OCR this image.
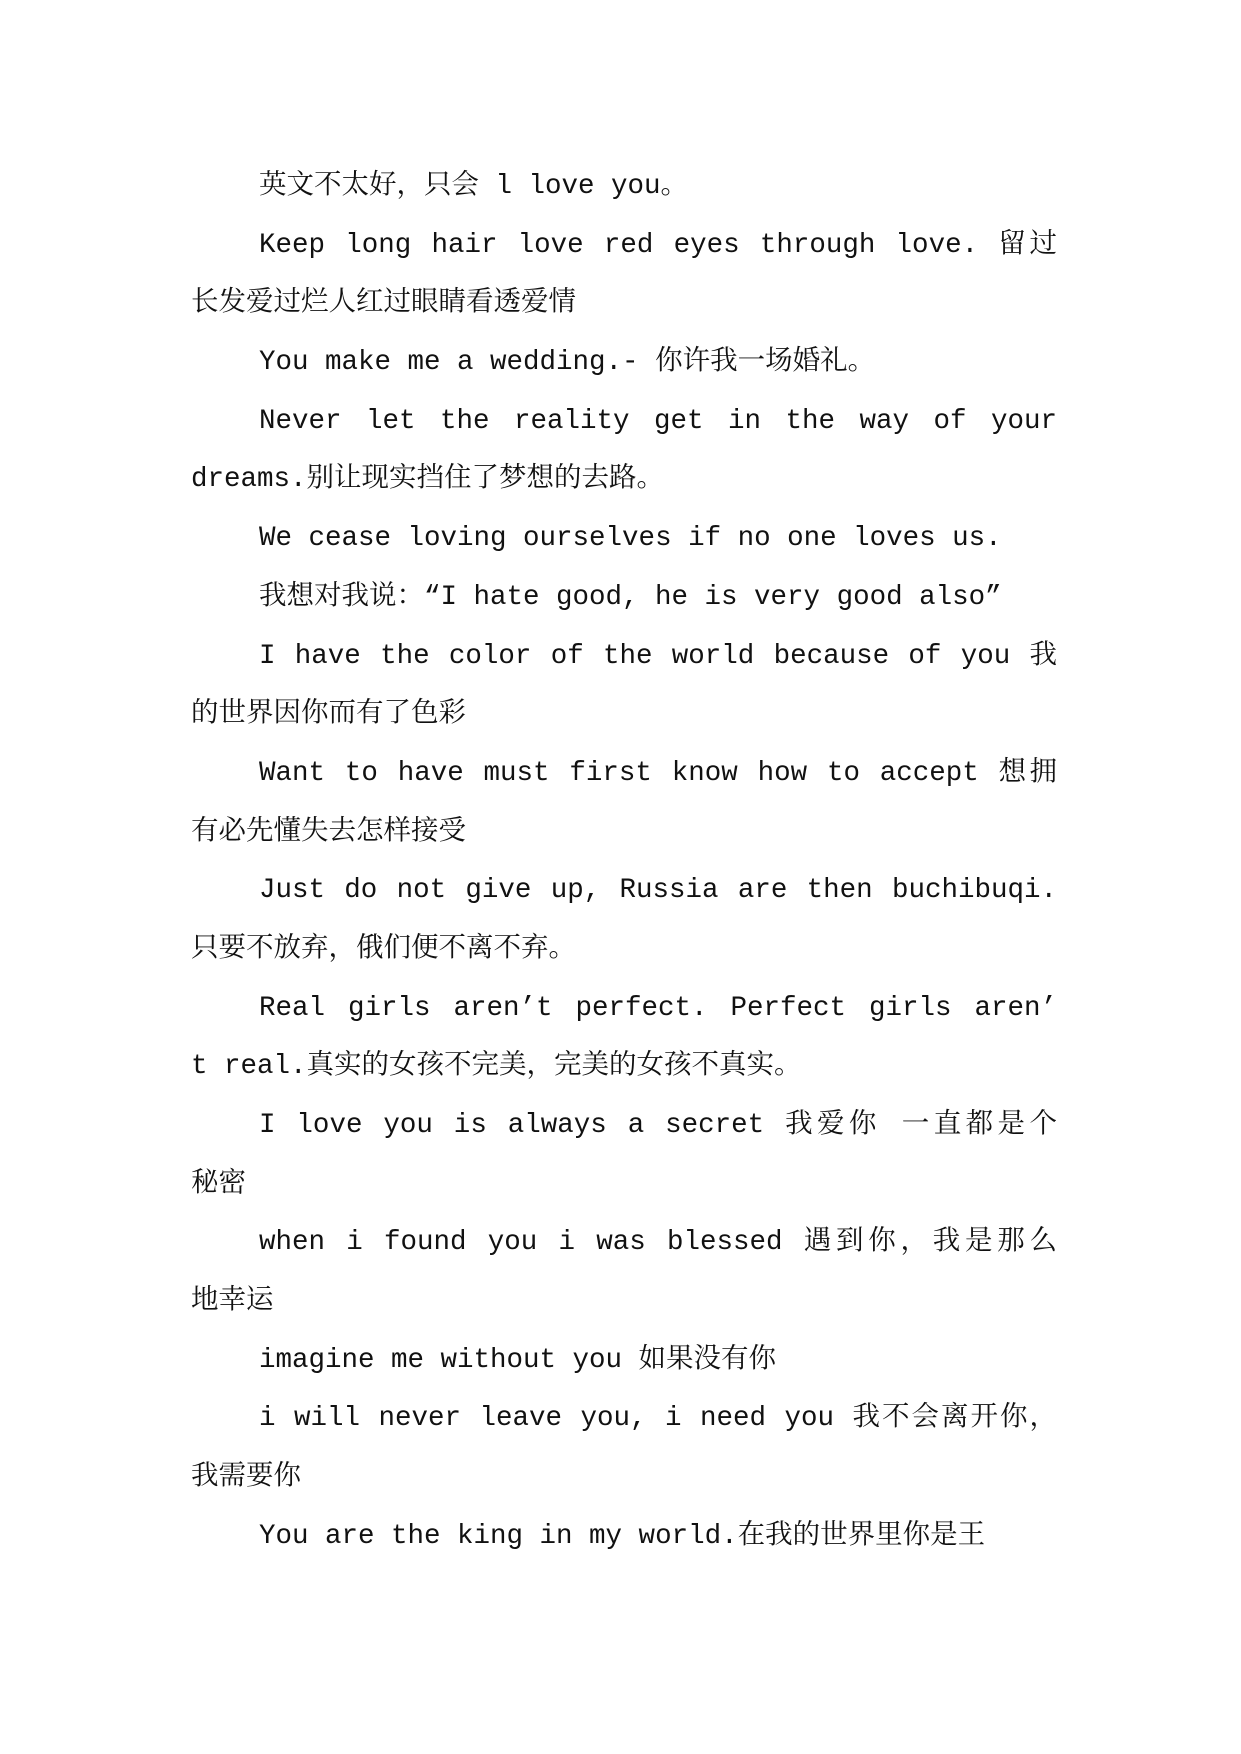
英文不太好，只会 l love you。
Keep long hair love red eyes through love. 留过
长发爱过烂人红过眼睛看透爱情
You make me a wedding.- 你许我一场婚礼。
Never let the reality get in the way of your
dreams.别让现实挡住了梦想的去路。
We cease loving ourselves if no one loves us.
我想对我说：“I hate good, he is very good also”
I have the color of the world because of you 我
的世界因你而有了色彩
Want to have must first know how to accept 想拥
有必先懂失去怎样接受
Just do not give up, Russia are then buchibuqi.
只要不放弃，俄们便不离不弃。
Real girls aren’t perfect. Perfect girls aren’
t real.真实的女孩不完美，完美的女孩不真实。
I love you is always a secret 我爱你 一直都是个
秘密
when i found you i was blessed 遇到你，我是那么
地幸运
imagine me without you 如果没有你
i will never leave you, i need you 我不会离开你，
我需要你
You are the king in my world.在我的世界里你是王
